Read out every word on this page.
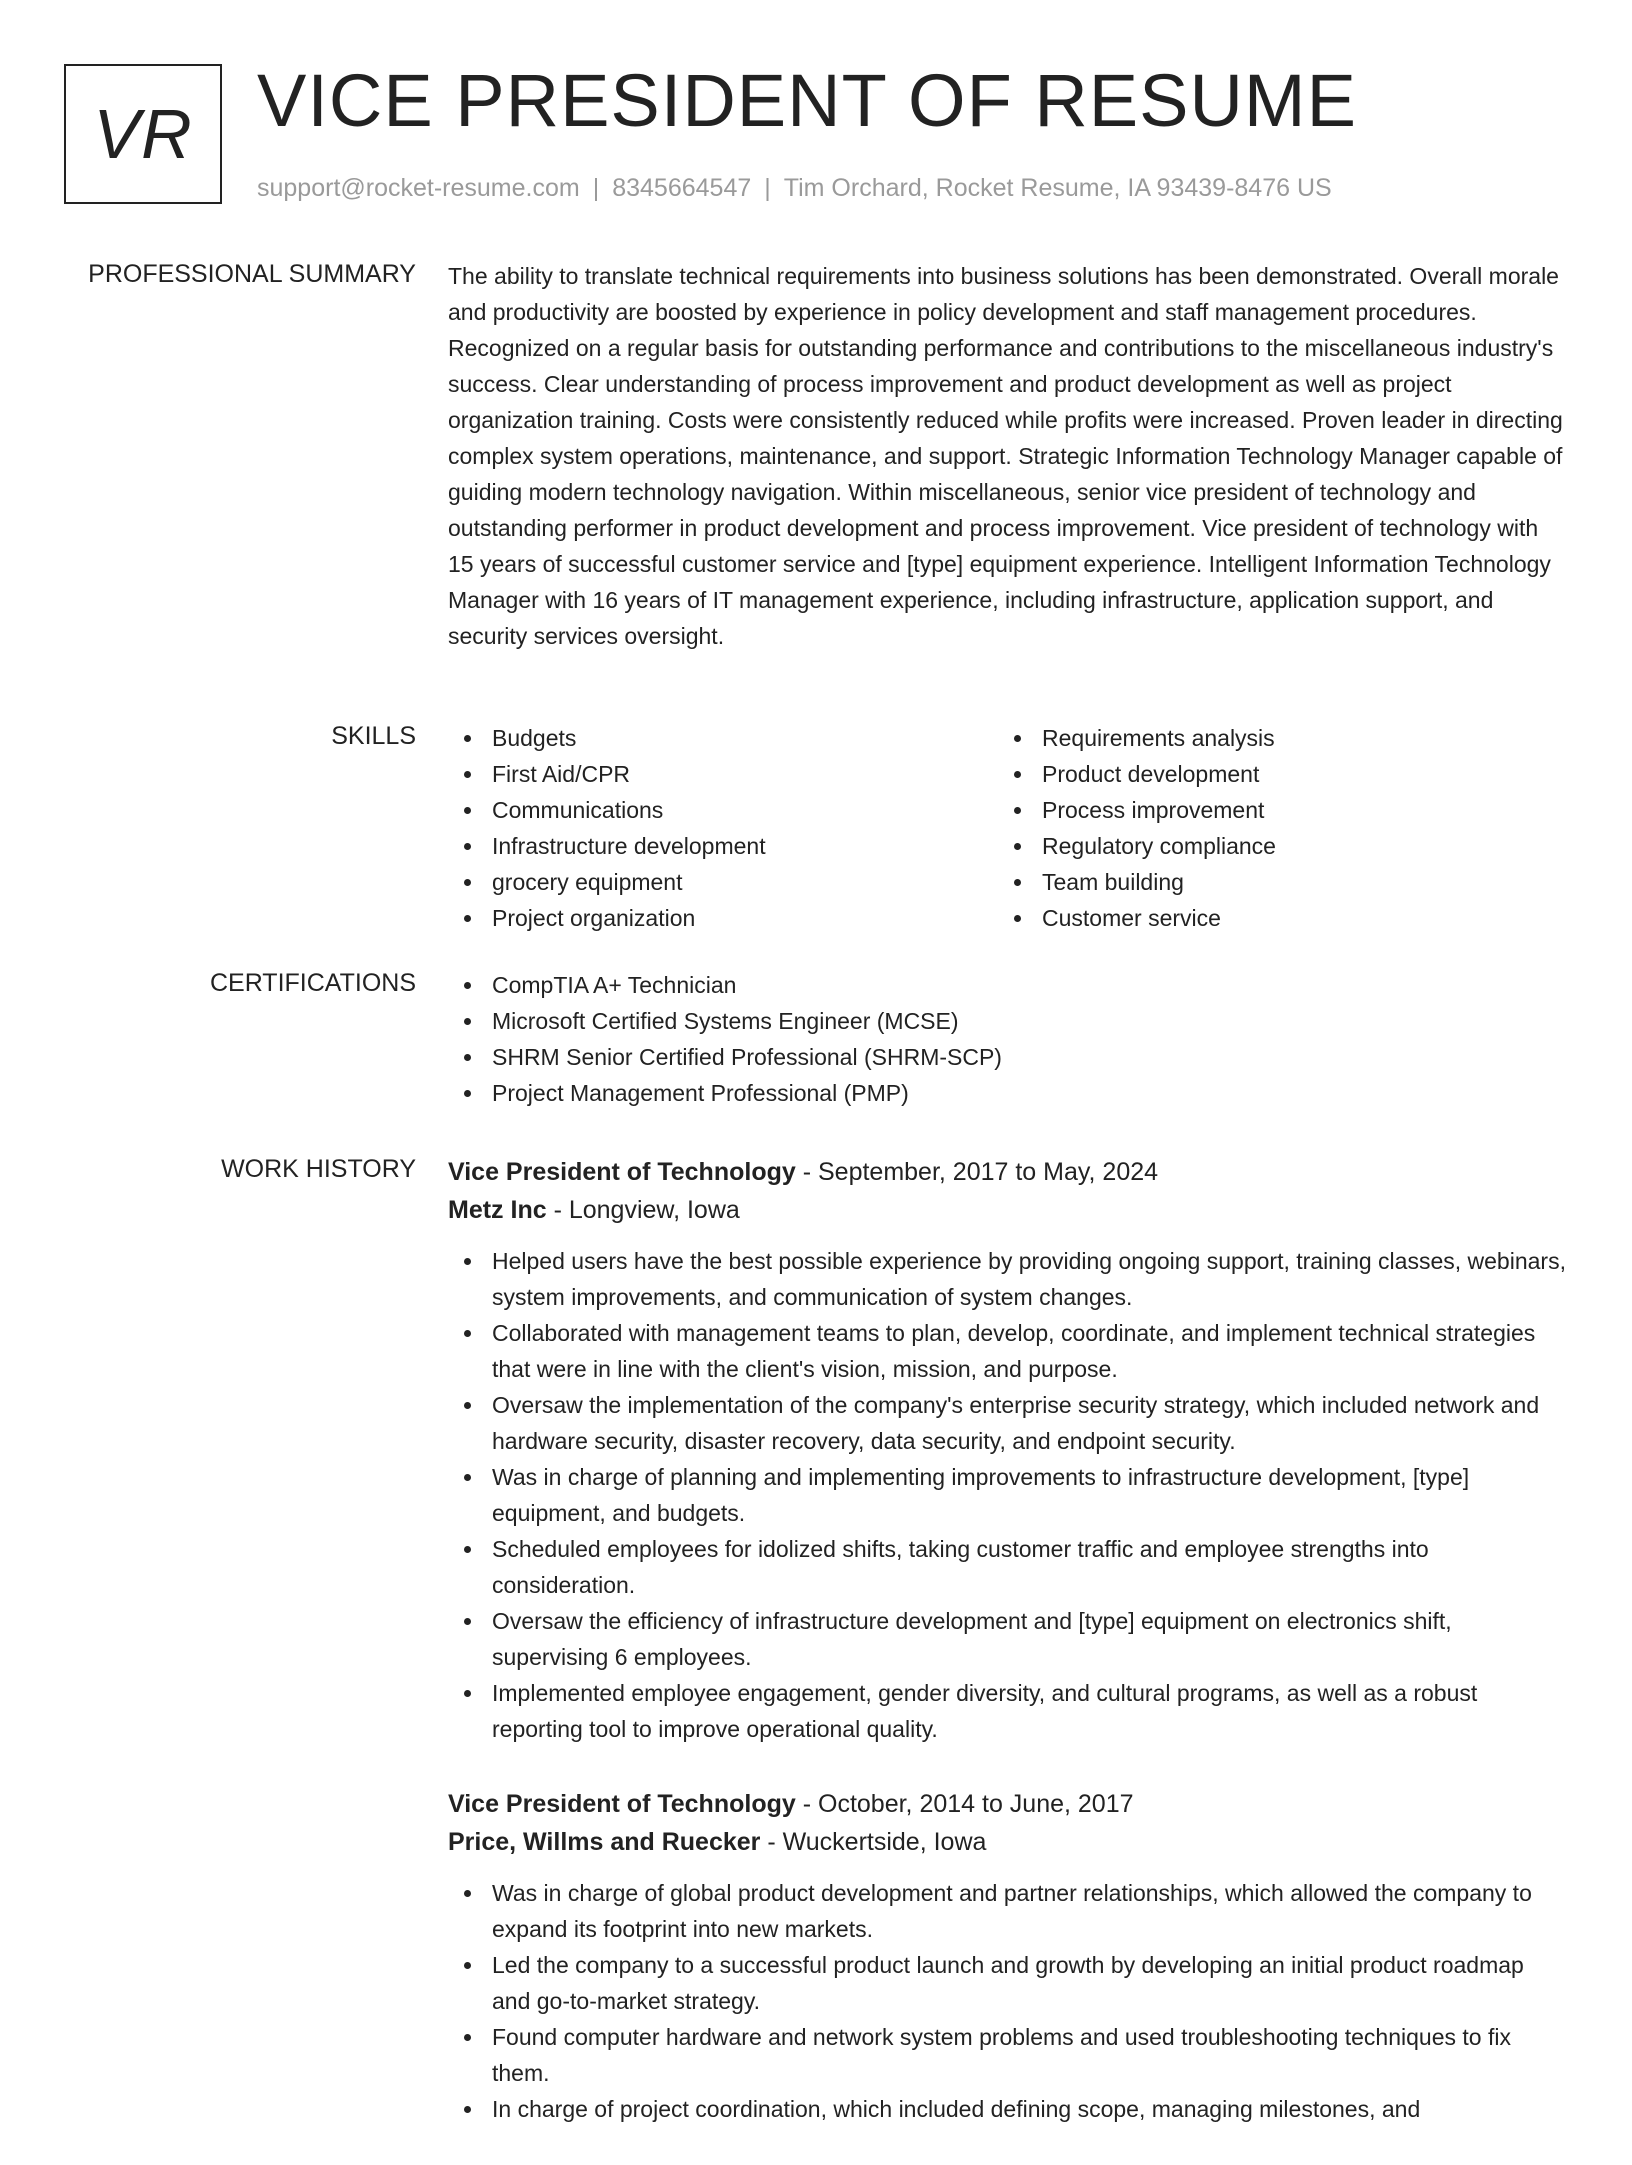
VR VICE PRESIDENT OF RESUME
support@rocket-resume.com | 8345664547 | Tim Orchard, Rocket Resume, IA 93439-8476 US
PROFESSIONAL SUMMARY The ability to translate technical requirements into business solutions has been demonstrated. Overall morale and productivity are boosted by experience in policy development and staff management procedures. Recognized on a regular basis for outstanding performance and contributions to the miscellaneous industry's success. Clear understanding of process improvement and product development as well as project organization training. Costs were consistently reduced while profits were increased. Proven leader in directing complex system operations, maintenance, and support. Strategic Information Technology Manager capable of guiding modern technology navigation. Within miscellaneous, senior vice president of technology and outstanding performer in product development and process improvement. Vice president of technology with 15 years of successful customer service and [type] equipment experience. Intelligent Information Technology Manager with 16 years of IT management experience, including infrastructure, application support, and security services oversight.

SKILLS	Budgets
First Aid/CPR
Communications
Infrastructure development
grocery equipment
Project organization
Requirements analysis
Product development
Process improvement
Regulatory compliance
Team building
Customer service
CERTIFICATIONS	CompTIA A+ Technician
Microsoft Certified Systems Engineer (MCSE)
SHRM Senior Certified Professional (SHRM-SCP)
Project Management Professional (PMP)
WORK HISTORY Vice President of Technology - September, 2017 to May, 2024
Metz Inc - Longview, Iowa
Helped users have the best possible experience by providing ongoing support, training classes, webinars, system improvements, and communication of system changes.
Collaborated with management teams to plan, develop, coordinate, and implement technical strategies that were in line with the client's vision, mission, and purpose.
Oversaw the implementation of the company's enterprise security strategy, which included network and hardware security, disaster recovery, data security, and endpoint security.
Was in charge of planning and implementing improvements to infrastructure development, [type] equipment, and budgets.
Scheduled employees for idolized shifts, taking customer traffic and employee strengths into consideration.
Oversaw the efficiency of infrastructure development and [type] equipment on electronics shift, supervising 6 employees.
Implemented employee engagement, gender diversity, and cultural programs, as well as a robust reporting tool to improve operational quality.
Vice President of Technology - October, 2014 to June, 2017
Price, Willms and Ruecker - Wuckertside, Iowa
Was in charge of global product development and partner relationships, which allowed the company to expand its footprint into new markets.
Led the company to a successful product launch and growth by developing an initial product roadmap and go-to-market strategy.
Found computer hardware and network system problems and used troubleshooting techniques to fix them.
In charge of project coordination, which included defining scope, managing milestones, and
